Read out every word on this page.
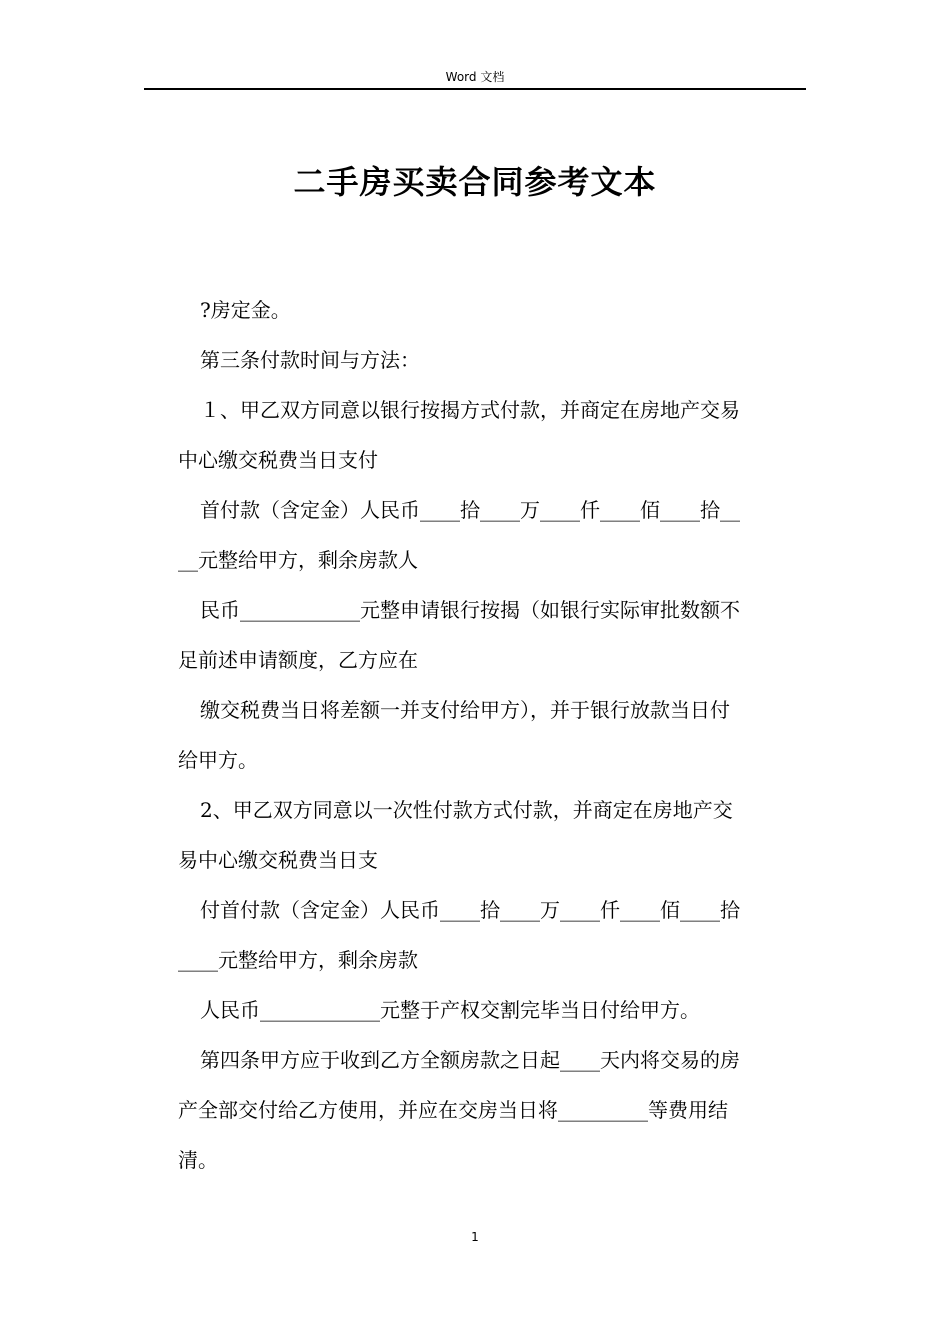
Word 文档
二手房买卖合同参考文本

?房定金。

第三条付款时间与方法：

１、甲乙双方同意以银行按揭方式付款，并商定在房地产交易

中心缴交税费当日支付

首付款（含定金）人民币____拾____万____仟____佰____拾__

__元整给甲方，剩余房款人

民币____________元整申请银行按揭（如银行实际审批数额不

足前述申请额度，乙方应在

缴交税费当日将差额一并支付给甲方），并于银行放款当日付

给甲方。

2、甲乙双方同意以一次性付款方式付款，并商定在房地产交

易中心缴交税费当日支

付首付款（含定金）人民币____拾____万____仟____佰____拾

____元整给甲方，剩余房款

人民币____________元整于产权交割完毕当日付给甲方。

第四条甲方应于收到乙方全额房款之日起____天内将交易的房

产全部交付给乙方使用，并应在交房当日将_________等费用结

清。

1
